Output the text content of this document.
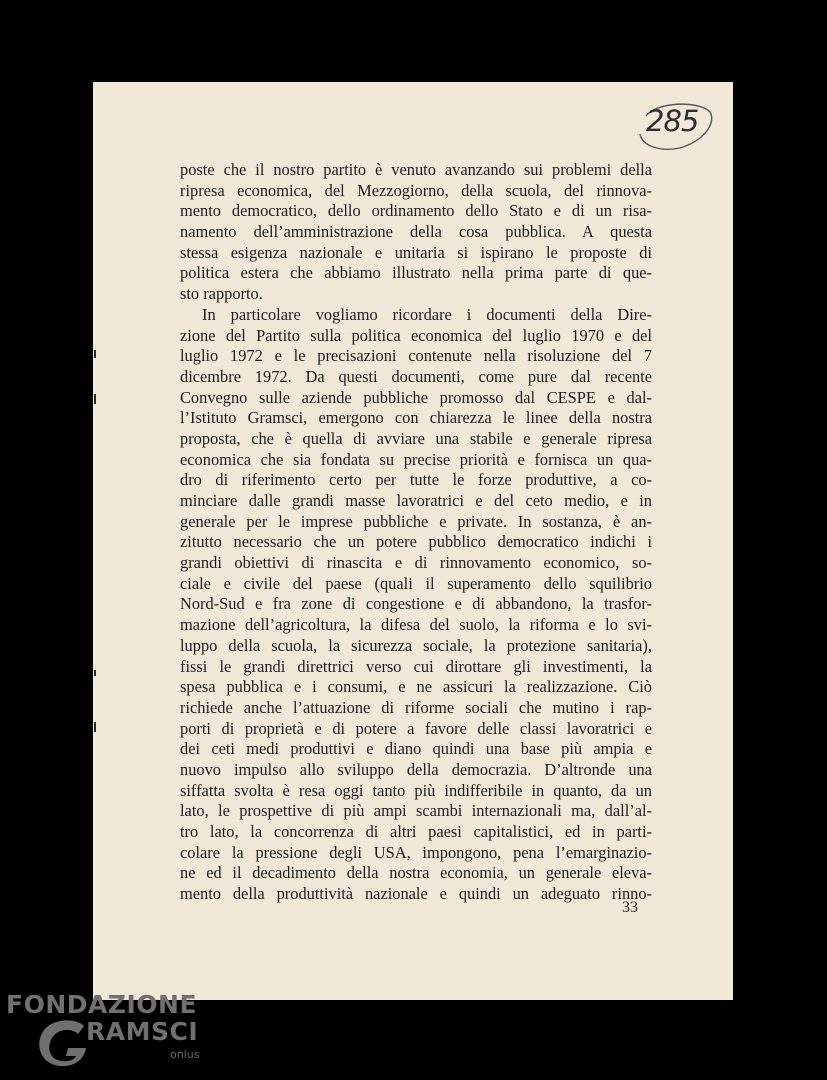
285
poste che il nostro partito è venuto avanzando sui problemi della
ripresa economica, del Mezzogiorno, della scuola, del rinnova-
mento democratico, dello ordinamento dello Stato e di un risa-
namento dell’amministrazione della cosa pubblica. A questa
stessa esigenza nazionale e unitaria si ispirano le proposte di
politica estera che abbiamo illustrato nella prima parte di que-
sto rapporto.
In particolare vogliamo ricordare i documenti della Dire-
zione del Partito sulla politica economica del luglio 1970 e del
luglio 1972 e le precisazioni contenute nella risoluzione del 7
dicembre 1972. Da questi documenti, come pure dal recente
Convegno sulle aziende pubbliche promosso dal CESPE e dal-
l’Istituto Gramsci, emergono con chiarezza le linee della nostra
proposta, che è quella di avviare una stabile e generale ripresa
economica che sia fondata su precise priorità e fornisca un qua-
dro di riferimento certo per tutte le forze produttive, a co-
minciare dalle grandi masse lavoratrici e del ceto medio, e in
generale per le imprese pubbliche e private. In sostanza, è an-
zitutto necessario che un potere pubblico democratico indichi i
grandi obiettivi di rinascita e di rinnovamento economico, so-
ciale e civile del paese (quali il superamento dello squilibrio
Nord-Sud e fra zone di congestione e di abbandono, la trasfor-
mazione dell’agricoltura, la difesa del suolo, la riforma e lo svi-
luppo della scuola, la sicurezza sociale, la protezione sanitaria),
fissi le grandi direttrici verso cui dirottare gli investimenti, la
spesa pubblica e i consumi, e ne assicuri la realizzazione. Ciò
richiede anche l’attuazione di riforme sociali che mutino i rap-
porti di proprietà e di potere a favore delle classi lavoratrici e
dei ceti medi produttivi e diano quindi una base più ampia e
nuovo impulso allo sviluppo della democrazia. D’altronde una
siffatta svolta è resa oggi tanto più indifferibile in quanto, da un
lato, le prospettive di più ampi scambi internazionali ma, dall’al-
tro lato, la concorrenza di altri paesi capitalistici, ed in parti-
colare la pressione degli USA, impongono, pena l’emarginazio-
ne ed il decadimento della nostra economia, un generale eleva-
mento della produttività nazionale e quindi un adeguato rinno-
33
FONDAZIONE
RAMSCI
onlus
